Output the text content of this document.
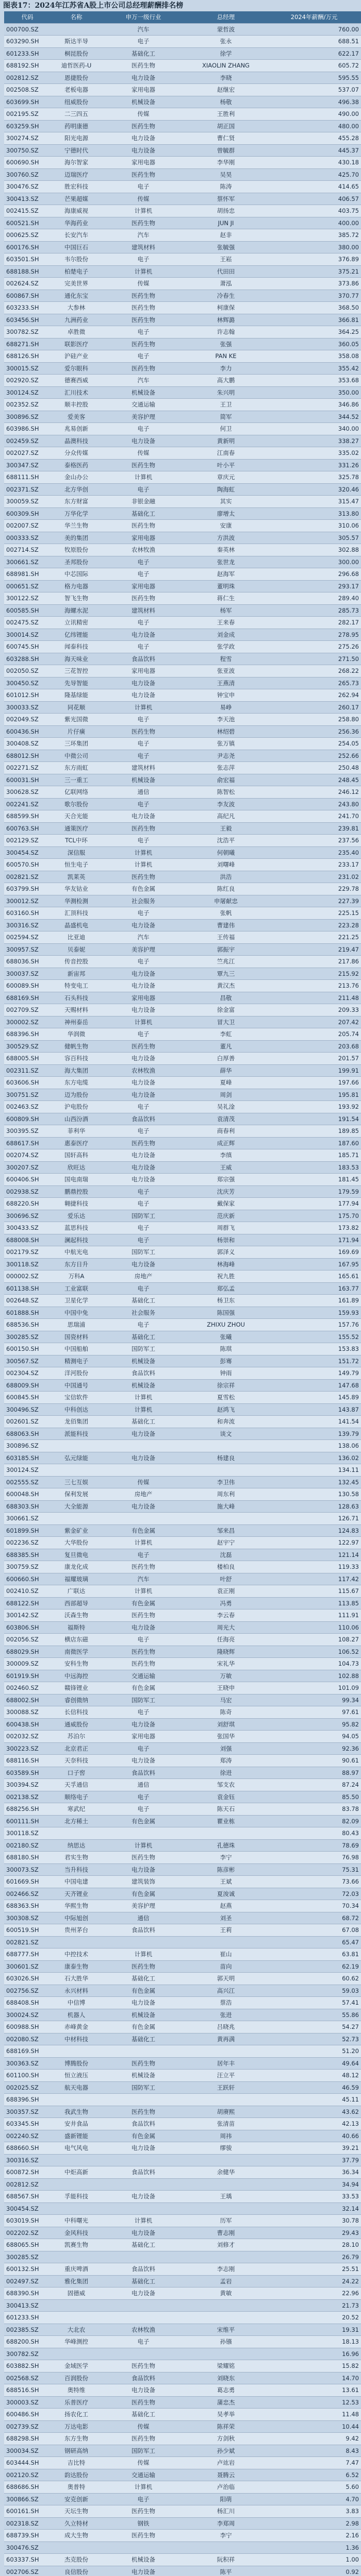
图表17：2024年江苏省A股上市公司总经理薪酬排名榜
代码	名称	申万一级行业	总经理	2024年薪酬/万元
000700.SZ		汽车	蒙哲波	760.00
603290.SH	斯达半导	电子	张永	688.51
601233.SH	桐昆股份	基础化工	徐学	622.17
688192.SH	迪哲医药-U	医药生物	XIAOLIN ZHANG	605.72
002812.SZ	恩捷股份	电力设备	李晓	595.55
002508.SZ	老板电器	家用电器	赵继宏	537.07
603699.SH	纽威股份	机械设备	杨敬	496.38
002195.SZ	二三四五	传媒	王胜利	490.00
603259.SH	药明康德	医药生物	胡正国	480.00
300274.SZ	阳光电源	电力设备	曹仁贤	455.28
300750.SZ	宁德时代	电力设备	曾毓群	445.37
600690.SH	海尔智家	家用电器	李华刚	430.18
300760.SZ	迈瑞医疗	医药生物	吴昊	425.70
300476.SZ	胜宏科技	电子	陈涛	414.65
300413.SZ	芒果超媒	传媒	蔡怀军	406.57
002415.SZ	海康威视	计算机	胡扬忠	403.75
600521.SH	华海药业	医药生物	JUN JI	400.00
000625.SZ	长安汽车	汽车	赵非	385.72
600176.SH	中国巨石	建筑材料	张毓强	380.00
603501.SH	韦尔股份	电子	王崧	376.89
688188.SH	柏楚电子	计算机	代田田	375.21
002624.SZ	完美世界	传媒	萧泓	373.86
600867.SH	通化东宝	医药生物	冷春生	370.77
603233.SH	大参林	医药生物	柯康保	368.50
603456.SH	九洲药业	医药生物	林辉潞	366.81
300782.SZ	卓胜微	电子	许志翰	364.25
688271.SH	联影医疗	医药生物	张强	360.05
688126.SH	沪硅产业	电子	PAN KE	358.08
300015.SZ	爱尔眼科	医药生物	李力	355.42
002920.SZ	德赛西威	汽车	高大鹏	353.68
300124.SZ	汇川技术	机械设备	朱兴明	350.00
002352.SZ	顺丰控股	交通运输	王卫	346.86
300896.SZ	爱美客	美容护理	简军	344.52
603986.SH	兆易创新	电子	何卫	340.00
002459.SZ	晶澳科技	电力设备	黄新明	338.27
002027.SZ	分众传媒	传媒	江南春	335.02
300347.SZ	泰格医药	医药生物	叶小平	331.26
688111.SH	金山办公	计算机	章庆元	325.78
002371.SZ	北方华创	电子	陶海虹	320.46
300059.SZ	东方财富	非银金融	其实	315.47
600309.SH	万华化学	基础化工	廖增太	313.80
002007.SZ	华兰生物	医药生物	安康	310.06
000333.SZ	美的集团	家用电器	方洪波	305.57
002714.SZ	牧原股份	农林牧渔	秦英林	302.88
300661.SZ	圣邦股份	电子	张世龙	300.00
688981.SH	中芯国际	电子	赵海军	296.68
000651.SZ	格力电器	家用电器	董明珠	293.17
300122.SZ	智飞生物	医药生物	蒋仁生	289.40
600585.SH	海螺水泥	建筑材料	杨军	285.73
002475.SZ	立讯精密	电子	王来春	282.17
300014.SZ	亿纬锂能	电力设备	刘金成	278.95
600745.SH	闻泰科技	电子	张学政	275.26
603288.SH	海天味业	食品饮料	程雪	271.50
002050.SZ	三花智控	家用电器	张亚波	268.22
300450.SZ	先导智能	电力设备	王燕清	265.73
601012.SH	隆基绿能	电力设备	钟宝申	262.94
300033.SZ	同花顺	计算机	易峥	260.17
002049.SZ	紫光国微	电子	李天池	258.80
600436.SH	片仔癀	医药生物	林绍碧	256.36
300408.SZ	三环集团	电子	张万镇	254.05
688012.SH	中微公司	电子	尹志尧	252.66
002271.SZ	东方雨虹	建筑材料	张志萍	250.48
600031.SH	三一重工	机械设备	俞宏福	248.45
300628.SZ	亿联网络	通信	陈智松	246.12
002241.SZ	歌尔股份	电子	李友波	243.80
688599.SH	天合光能	电力设备	高纪凡	241.70
600763.SH	通策医疗	医药生物	王毅	239.81
002129.SZ	TCL中环	电子	沈浩平	237.56
300454.SZ	深信服	计算机	何朝曦	235.40
600570.SH	恒生电子	计算机	刘曙峰	233.17
002821.SZ	凯莱英	医药生物	洪浩	231.02
603799.SH	华友钴业	有色金属	陈红良	229.78
300012.SZ	华测检测	社会服务	申屠献忠	227.39
603160.SH	汇顶科技	电子	张帆	225.15
300316.SZ	晶盛机电	电力设备	曹建伟	223.28
002594.SZ	比亚迪	汽车	王传福	221.25
300957.SZ	贝泰妮	美容护理	郭振宇	219.47
688036.SH	传音控股	电子	竺兆江	217.86
300037.SZ	新宙邦	电力设备	覃九三	215.92
600089.SH	特变电工	电力设备	黄汉杰	213.76
688169.SH	石头科技	家用电器	昌敬	211.48
002709.SZ	天赐材料	电力设备	徐金富	209.33
300002.SZ	神州泰岳	计算机	冒大卫	207.42
688396.SH	华润微	电子	李虹	205.74
300529.SZ	健帆生物	医药生物	董凡	203.68
688005.SH	容百科技	电力设备	白厚善	201.57
002311.SZ	海大集团	农林牧渔	薛华	199.91
603606.SH	东方电缆	电力设备	夏峰	197.66
300751.SZ	迈为股份	电力设备	周剑	195.81
002463.SZ	沪电股份	电子	吴礼淦	193.92
600809.SH	山西汾酒	食品饮料	袁清茂	191.54
300395.SZ	菲利华	电子	商春利	189.85
688617.SH	惠泰医疗	医药生物	成正辉	187.60
002074.SZ	国轩高科	电力设备	李缜	185.71
300207.SZ	欣旺达	电力设备	王威	183.53
600406.SH	国电南瑞	电力设备	郑宗强	181.45
002938.SZ	鹏鼎控股	电子	沈庆芳	179.59
688220.SH	翱捷科技	电子	戴保家	177.94
300696.SZ	爱乐达	国防军工	范庆新	175.70
300433.SZ	蓝思科技	电子	周群飞	173.82
688008.SH	澜起科技	电子	杨崇和	171.94
002179.SZ	中航光电	国防军工	郭泽义	169.69
300118.SZ	东方日升	电力设备	林海峰	167.95
000002.SZ	万科A	房地产	祝九胜	165.61
601138.SH	工业富联	电子	郑弘孟	163.77
002648.SZ	卫星化学	基础化工	杨卫东	161.89
601888.SH	中国中免	社会服务	陈国强	159.93
688536.SH	思瑞浦	电子	ZHIXU ZHOU	157.76
300285.SZ	国瓷材料	基础化工	张曦	155.52
600150.SH	中国船舶	国防军工	陈琪	153.83
300567.SZ	精测电子	机械设备	彭骞	151.72
002304.SZ	洋河股份	食品饮料	钟雨	149.79
688009.SH	中国通号	机械设备	徐宗祥	147.68
600845.SH	宝信软件	计算机	夏雪松	145.89
300496.SZ	中科创达	计算机	赵鸿飞	143.87
002601.SZ	龙佰集团	基础化工	和奔流	141.54
688063.SH	派能科技	电力设备	谈文	139.79
300896.SZ				138.06
603185.SH	弘元绿能	电力设备	杨建良	136.02
300124.SZ				134.11
002555.SZ	三七互娱	传媒	李卫伟	132.45
600048.SH	保利发展	房地产	周东利	130.58
688303.SH	大全能源	电力设备	施大峰	128.63
300661.SZ				126.71
601899.SH	紫金矿业	有色金属	邹来昌	124.83
002236.SZ	大华股份	计算机	赵宇宁	122.97
688385.SH	复旦微电	电子	沈磊	121.14
300759.SZ	康龙化成	医药生物	楼柏良	119.33
600660.SH	福耀玻璃	汽车	叶舒	117.42
002410.SZ	广联达	计算机	袁正刚	115.67
688122.SH	西部超导	有色金属	冯勇	113.85
300142.SZ	沃森生物	医药生物	李云春	111.91
603806.SH	福斯特	电力设备	周光大	110.06
002056.SZ	横店东磁	电子	任海亮	108.27
688029.SH	南微医学	医药生物	隆晓辉	106.52
300009.SZ	安科生物	医药生物	宋礼华	104.73
601919.SH	中远海控	交通运输	万敏	102.88
002460.SZ	赣锋锂业	有色金属	王晓申	101.09
688002.SH	睿创微纳	国防军工	马宏	99.34
300088.SZ	长信科技	电子	陈奇	97.61
600438.SH	通威股份	电力设备	刘舒琪	95.82
002032.SZ	苏泊尔	家用电器	张国华	94.05
300223.SZ	北京君正	电子	刘强	92.36
688116.SH	天奈科技	电力设备	郑涛	90.61
603589.SH	口子窖	食品饮料	徐进	88.97
300394.SZ	天孚通信	通信	邹支农	87.24
002138.SZ	顺络电子	电子	袁金钰	85.50
688256.SH	寒武纪	电子	陈天石	83.78
600111.SH	北方稀土	有色金属	瞿业栋	82.09
300118.SZ				80.43
002180.SZ	纳思达	计算机	孔德珠	78.69
688180.SH	君实生物	医药生物	李宁	76.98
300073.SZ	当升科技	电力设备	陈彦彬	75.31
601669.SH	中国电建	建筑装饰	王斌	73.66
002466.SZ	天齐锂业	有色金属	夏浚诚	72.03
688363.SH	华熙生物	美容护理	赵燕	70.34
300308.SZ	中际旭创	通信	刘圣	68.72
600519.SH	贵州茅台	食品饮料	王莉	67.08
002821.SZ				65.47
688777.SH	中控技术	计算机	崔山	63.81
300601.SZ	康泰生物	医药生物	苗向	62.19
603026.SH	石大胜华	基础化工	郭天明	60.62
002756.SZ	永兴材料	有色金属	高兴江	59.03
688408.SH	中信博	电力设备	蔡浩	57.41
300024.SZ	机器人	机械设备	张进	55.86
600988.SH	赤峰黄金	有色金属	吕晓兆	54.27
002080.SZ	中材科技	基础化工	黄再满	52.73
688169.SH				51.20
300363.SZ	博腾股份	医药生物	居年丰	49.64
601100.SH	恒立液压	机械设备	汪立平	48.12
002025.SZ	航天电器	国防军工	王跃轩	46.59
688396.SH				45.11
300357.SZ	我武生物	医药生物	胡赓熙	43.62
603345.SH	安井食品	食品饮料	张清苗	42.13
002240.SZ	盛新锂能	有色金属	周祎	40.66
688660.SH	电气风电	电力设备	缪骏	39.21
300316.SZ				37.79
600872.SH	中炬高新	食品饮料	余健华	36.34
002812.SZ				34.94
688567.SH	孚能科技	电力设备	王瑀	33.53
300454.SZ				32.14
603019.SH	中科曙光	计算机	历军	30.78
002202.SZ	金风科技	电力设备	曹志刚	29.43
688065.SH	凯赛生物	基础化工	刘修才	28.10
300285.SZ				26.79
600132.SH	重庆啤酒	食品饮料	李志刚	25.51
002497.SZ	雅化集团	基础化工	孟岩	24.22
688390.SH	固德威	电力设备	黄敏	22.96
300413.SZ				21.73
601233.SH				20.52
002385.SZ	大北农	农林牧渔	宋维平	19.31
688200.SH	华峰测控	电子	孙镪	18.13
300782.SZ				16.96
603882.SH	金域医学	医药生物	梁耀铭	15.82
002568.SZ	百润股份	食品饮料	刘晓东	14.70
688516.SH	奥特维	电力设备	葛志勇	13.61
300003.SZ	乐普医疗	医药生物	蒲忠杰	12.53
600486.SH	扬农化工	基础化工	吴孝举	11.48
002739.SZ	万达电影	传媒	陈祥荣	10.44
688298.SH	东方生物	医药生物	方剑秋	9.42
300034.SZ	钢研高纳	国防军工	孙少斌	8.43
603444.SH	吉比特	传媒	卢竑岩	7.47
002120.SZ	韵达股份	交通运输	聂腾云	6.52
688686.SH	奥普特	计算机	卢治临	5.60
300866.SZ	安克创新	电子	阳萌	4.70
600161.SH	天坛生物	医药生物	杨汇川	3.83
002318.SZ	久立特材	钢铁	李郑周	2.98
688739.SH	成大生物	医药生物	李宁	2.16
300476.SZ				1.36
603337.SH	杰克股份	机械设备	阮积祥	1.00
002706.SZ	良信股份	电力设备	陈平	0.92
